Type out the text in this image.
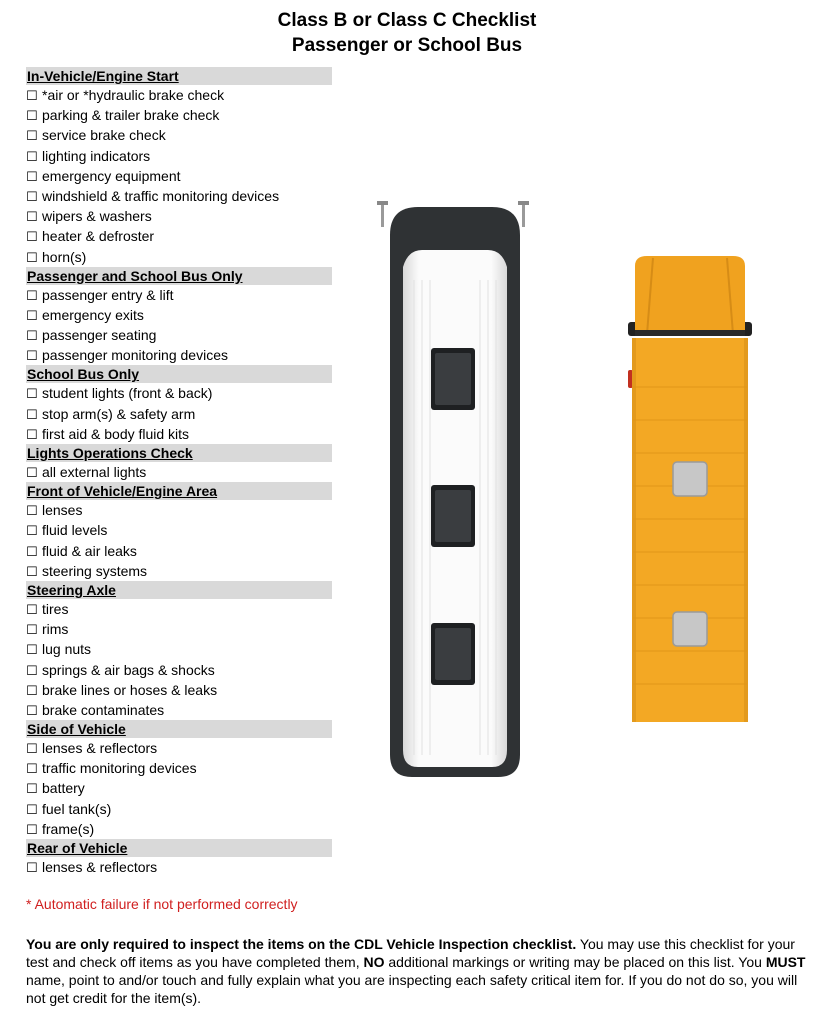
Class B or Class C Checklist
Passenger or School Bus
In-Vehicle/Engine Start
☐ *air or *hydraulic brake check
☐ parking & trailer brake check
☐ service brake check
☐ lighting indicators
☐ emergency equipment
☐ windshield & traffic monitoring devices
☐ wipers & washers
☐ heater & defroster
☐ horn(s)
Passenger and School Bus Only
☐ passenger entry & lift
☐ emergency exits
☐ passenger seating
☐ passenger monitoring devices
School Bus Only
☐ student lights (front & back)
☐ stop arm(s) & safety arm
☐ first aid & body fluid kits
Lights Operations Check
☐ all external lights
Front of Vehicle/Engine Area
☐ lenses
☐ fluid levels
☐ fluid & air leaks
☐ steering systems
Steering Axle
☐ tires
☐ rims
☐ lug nuts
☐ springs & air bags & shocks
☐ brake lines or hoses & leaks
☐ brake contaminates
Side of Vehicle
☐ lenses & reflectors
☐ traffic monitoring devices
☐ battery
☐ fuel tank(s)
☐ frame(s)
Rear of Vehicle
☐ lenses & reflectors
* Automatic failure if not performed correctly
You are only required to inspect the items on the CDL Vehicle Inspection checklist. You may use this checklist for your test and check off items as you have completed them, NO additional markings or writing may be placed on this list. You MUST name, point to and/or touch and fully explain what you are inspecting each safety critical item for. If you do not do so, you will not get credit for the item(s).
